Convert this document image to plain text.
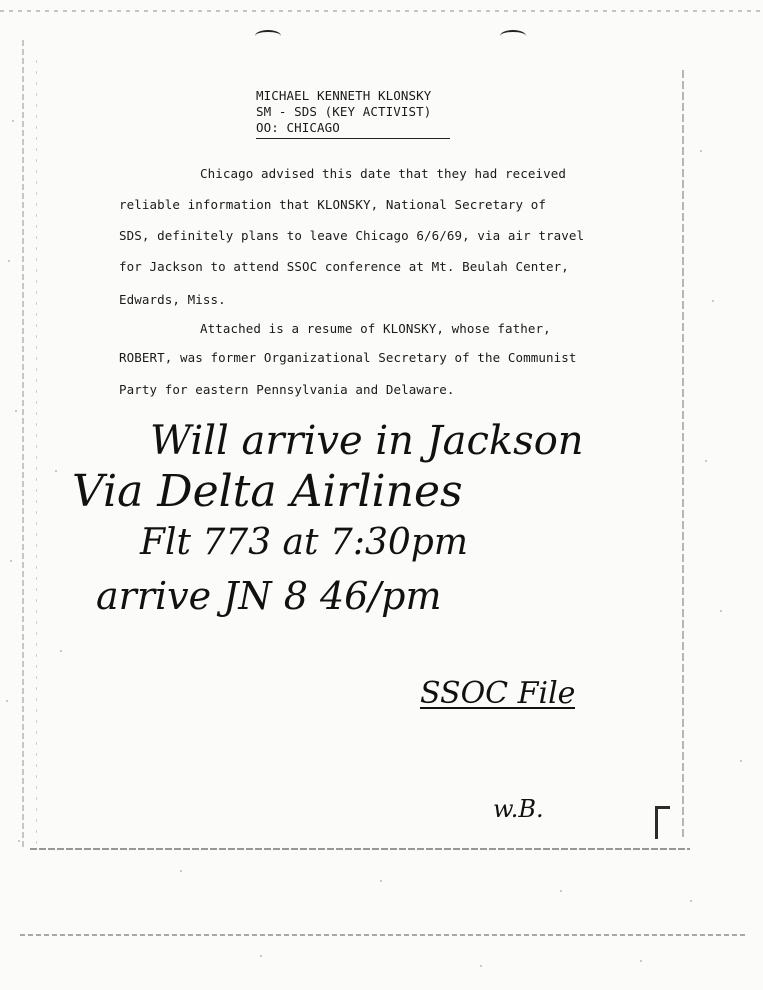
MICHAEL KENNETH KLONSKY
SM - SDS (KEY ACTIVIST)
OO: CHICAGO
Chicago advised this date that they had received
reliable information that KLONSKY, National Secretary of
SDS, definitely plans to leave Chicago 6/6/69, via air travel
for Jackson to attend SSOC conference at Mt. Beulah Center,
Edwards, Miss.
Attached is a resume of KLONSKY, whose father,
ROBERT, was former Organizational Secretary of the Communist
Party for eastern Pennsylvania and Delaware.
Will arrive in Jackson
Via Delta Airlines
Flt 773 at 7:30pm
arrive JN 8 46/pm
SSOC File
w.B.
